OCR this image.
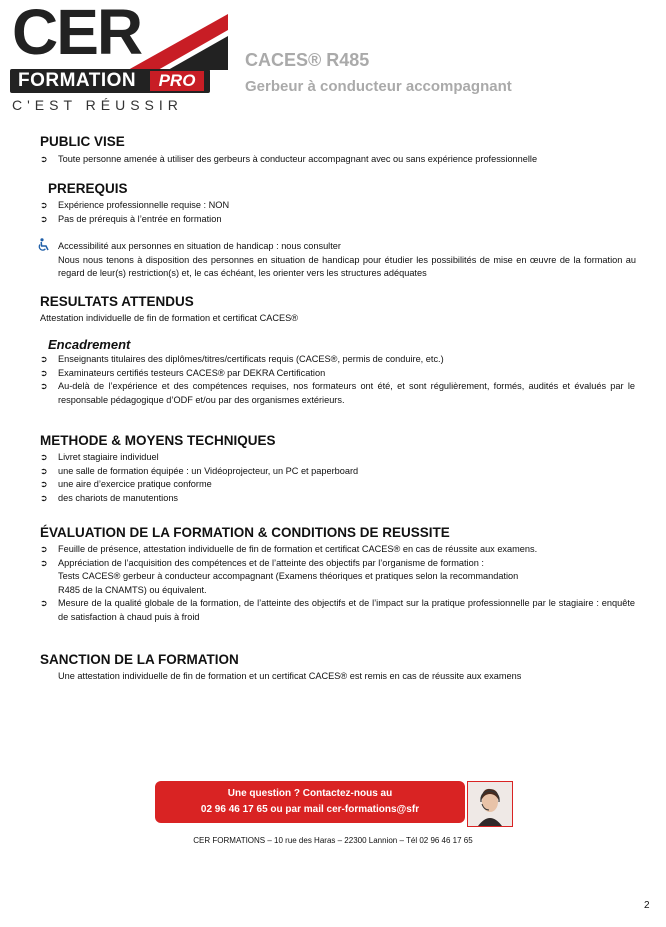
CER
FORMATION	PRO
C'EST RÉUSSIR
CACES® R485
Gerbeur à conducteur accompagnant
PUBLIC VISE
➲ Toute personne amenée à utiliser des gerbeurs à conducteur accompagnant avec ou sans expérience professionnelle
PREREQUIS
➲ Expérience professionnelle requise : NON
➲ Pas de prérequis à l’entrée en formation
Accessibilité aux personnes en situation de handicap : nous consulter
Nous nous tenons à disposition des personnes en situation de handicap pour étudier les possibilités de mise en œuvre de la formation au regard de leur(s) restriction(s) et, le cas échéant, les orienter vers les structures adéquates
RESULTATS ATTENDUS
Attestation individuelle de fin de formation et certificat CACES®
Encadrement
➲ Enseignants titulaires des diplômes/titres/certificats requis (CACES®, permis de conduire, etc.)
➲ Examinateurs certifiés testeurs CACES® par DEKRA Certification
➲ Au-delà de l’expérience et des compétences requises, nos formateurs ont été, et sont régulièrement, formés, audités et évalués par le responsable pédagogique d’ODF et/ou par des organismes extérieurs.
METHODE & MOYENS TECHNIQUES
➲ Livret stagiaire individuel
➲ une salle de formation équipée : un Vidéoprojecteur, un PC et paperboard
➲ une aire d’exercice pratique conforme
➲ des chariots de manutentions
ÉVALUATION DE LA FORMATION & CONDITIONS DE REUSSITE
➲ Feuille de présence, attestation individuelle de fin de formation et certificat CACES® en cas de réussite aux examens.
➲ Appréciation de l’acquisition des compétences et de l’atteinte des objectifs par l’organisme de formation :
Tests CACES® gerbeur à conducteur accompagnant (Examens théoriques et pratiques selon la recommandation
R485 de la CNAMTS) ou équivalent.
➲ Mesure de la qualité globale de la formation, de l’atteinte des objectifs et de l’impact sur la pratique professionnelle par le stagiaire : enquête de satisfaction à chaud puis à froid
SANCTION DE LA FORMATION
Une attestation individuelle de fin de formation et un certificat CACES® est remis en cas de réussite aux examens
Une question ? Contactez-nous au
02 96 46 17 65 ou par mail cer-formations@sfr
CER FORMATIONS – 10 rue des Haras – 22300 Lannion – Tél 02 96 46 17 65
2
